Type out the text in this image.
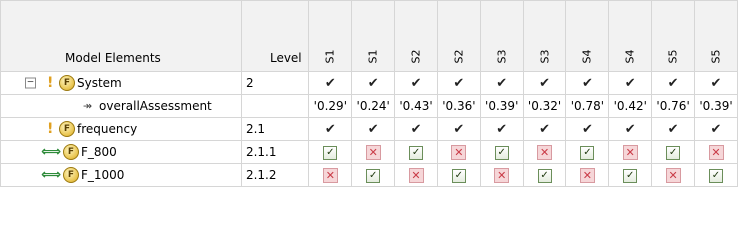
Model Elements	Level	S1	S1	S2	S2	S3	S3	S4	S4	S5	S5

− ! F System	2	✔	✔	✔	✔	✔	✔	✔	✔	✔	✔

↠ overallAssessment		'0.29'	'0.24'	'0.43'	'0.36'	'0.39'	'0.32'	'0.78'	'0.42'	'0.76'	'0.39'

! F frequency	2.1	✔	✔	✔	✔	✔	✔	✔	✔	✔	✔

⟺ F F_800	2.1.1	✓	✕	✓	✕	✓	✕	✓	✕	✓	✕

⟺ F F_1000	2.1.2	✕	✓	✕	✓	✕	✓	✕	✓	✕	✓
